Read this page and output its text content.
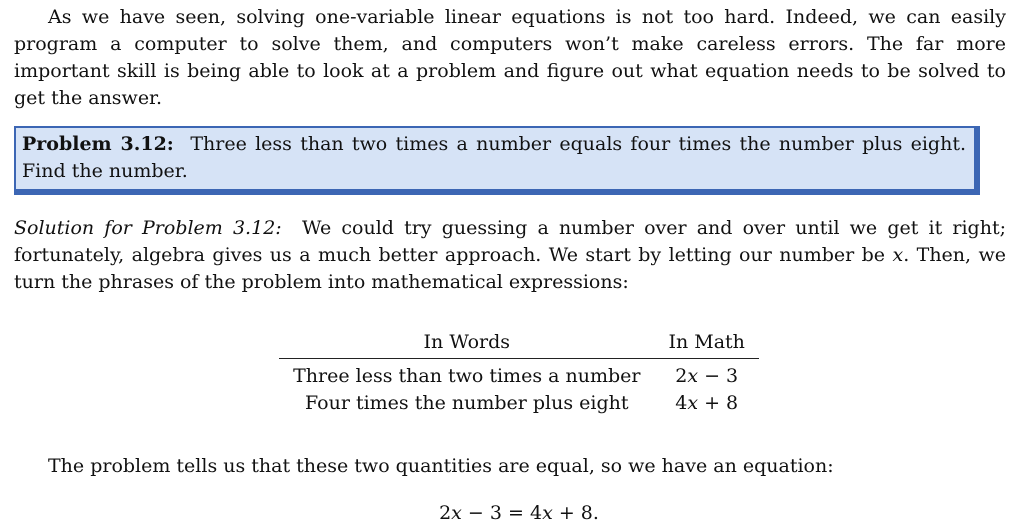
As we have seen, solving one-variable linear equations is not too hard. Indeed, we can easily program a computer to solve them, and computers won’t make careless errors. The far more important skill is being able to look at a problem and figure out what equation needs to be solved to get the answer.

Problem 3.12: Three less than two times a number equals four times the number plus eight. Find the number.

Solution for Problem 3.12: We could try guessing a number over and over until we get it right; fortunately, algebra gives us a much better approach. We start by letting our number be x. Then, we turn the phrases of the problem into mathematical expressions:

In Words	In Math
Three less than two times a number	2x − 3
Four times the number plus eight	4x + 8

The problem tells us that these two quantities are equal, so we have an equation:

2x − 3 = 4x + 8.
